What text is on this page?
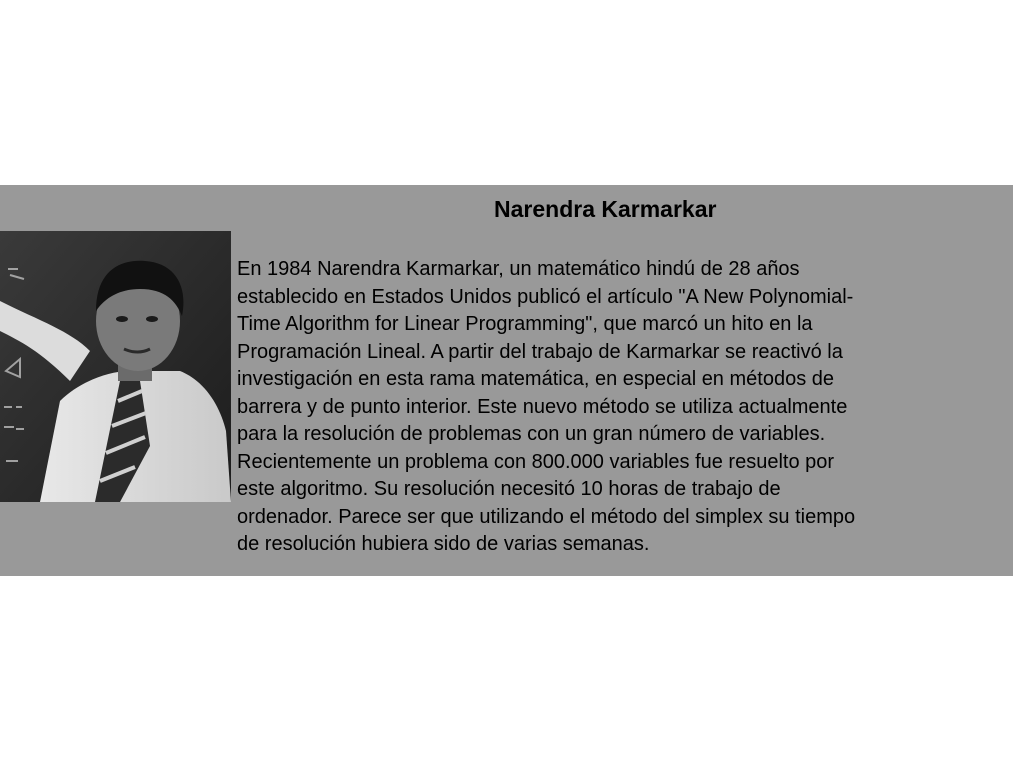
Narendra Karmarkar
En 1984 Narendra Karmarkar, un matemático hindú de 28 años
establecido en Estados Unidos publicó el artículo "A New Polynomial-
Time Algorithm for Linear Programming", que marcó un hito en la
Programación Lineal. A partir del trabajo de Karmarkar se reactivó la
investigación en esta rama matemática, en especial en métodos de
barrera y de punto interior. Este nuevo método se utiliza actualmente
para la resolución de problemas con un gran número de variables.
Recientemente un problema con 800.000 variables fue resuelto por
este algoritmo. Su resolución necesitó 10 horas de trabajo de
ordenador. Parece ser que utilizando el método del simplex su tiempo
de resolución hubiera sido de varias semanas.
